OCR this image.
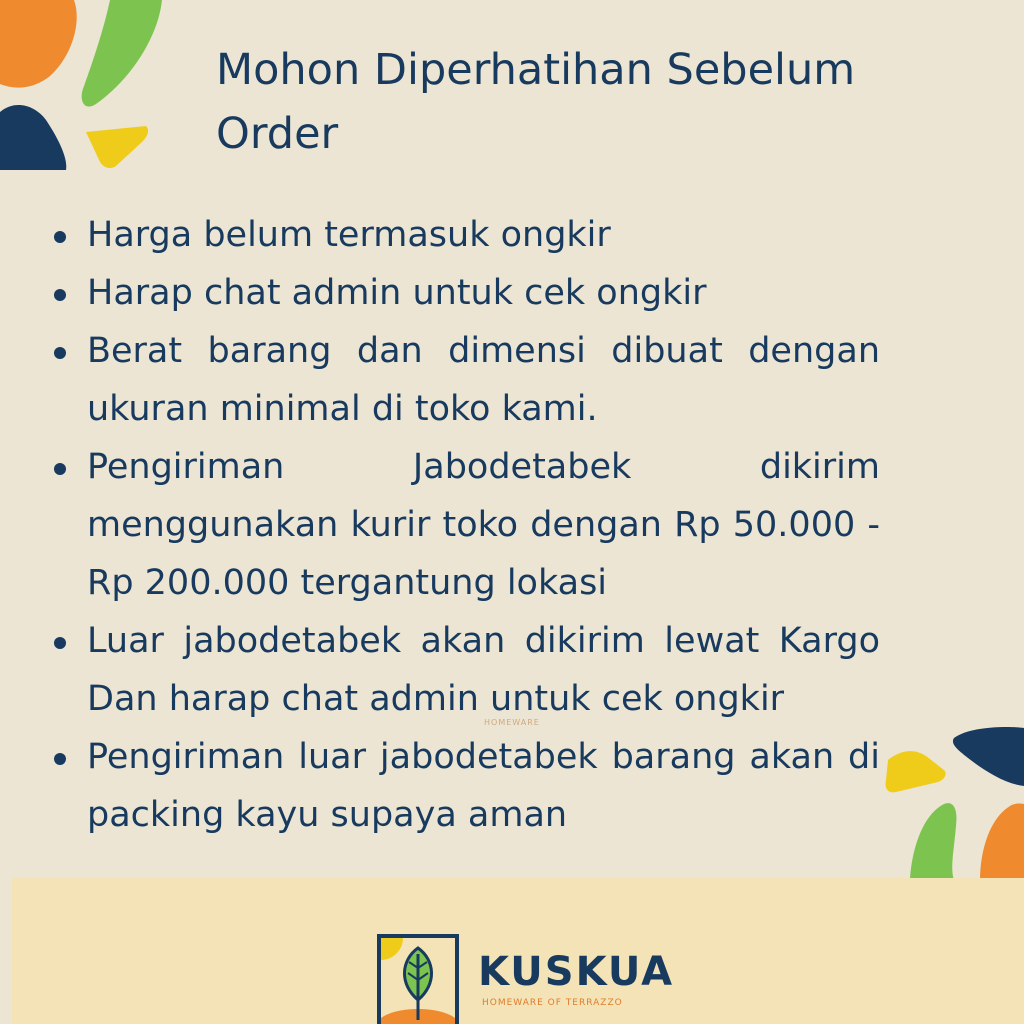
Mohon Diperhatihan Sebelum Order
Harga belum termasuk ongkir
Harap chat admin untuk cek ongkir
Berat barang dan dimensi dibuat dengan ukuran minimal di toko kami.
Pengiriman Jabodetabek dikirim menggunakan kurir toko dengan Rp 50.000 - Rp 200.000 tergantung lokasi
Luar jabodetabek akan dikirim lewat Kargo Dan harap chat admin untuk cek ongkir
Pengiriman luar jabodetabek barang akan di packing kayu supaya aman
HOMEWARE
KUSKUA
HOMEWARE OF TERRAZZO
